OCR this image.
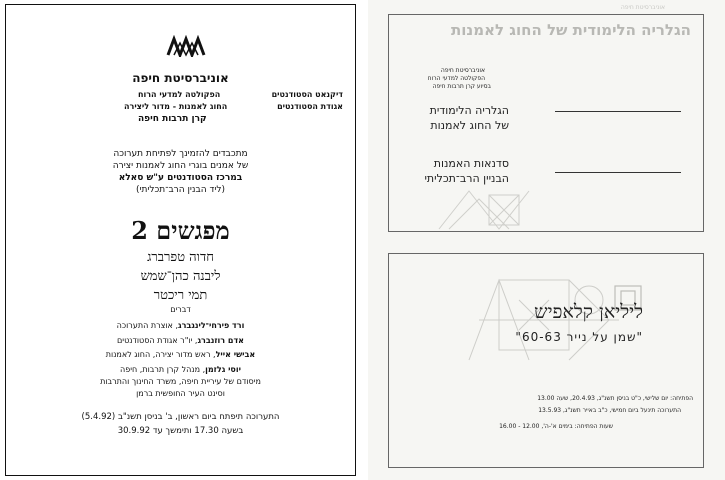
אוניברסיטת חיפה
דיקנאט הסטודנטים
הפקולטה למדעי הרוח
אגודת הסטודנטים
החוג לאמנות - מדור ליצירה
קרן תרבות חיפה
מתכבדים להזמינך לפתיחת תערוכה
של אמנים בוגרי החוג לאמנות יצירה
במרכז הסטודנטים ע"ש סאלא
(ליד הבנין הרב־תכליתי)
מפגשים 2
חדוה טפרברג
ליבנה כהן־שמש
תמי ריכטר
דברים
ורד פירחי־לינגברג, אוצרת התערוכה
אדם רוזנברג, יו"ר אגודת הסטודנטים
אבישי אייל, ראש מדור יצירה, החוג לאמנות
יוסי גלזמן, מנהל קרן תרבות, חיפה
מיסודם של עיריית חיפה, משרד החינוך והתרבות
וסינט העיר החופשית ברמן
התערוכה תיפתח ביום ראשון, ב' בניסן תשנ"ב (5.4.92)
בשעה 17.30 ותימשך עד 30.9.92
אוניברסיטת חיפה
הגלריה הלימודית של החוג לאמנות
אוניברסיטת חיפה
הפקולטה למדעי הרוח
בסיוע קרן תרבות חיפה
הגלריה הלימודית
של החוג לאמנות
סדנאות האמנות
הבניין הרב־תכליתי
ליליאן קלאפיש
"שמן על נייר 60-63"
הפתיחה: יום שלישי, כ"ט בניסן תשנ"ג, 20.4.93, שעה 13.00
התערוכה תינעל ביום חמישי, כ"ב באייר תשנ"ג, 13.5.93
שעות הפתיחה: בימים א'-ה', 12.00 - 16.00
